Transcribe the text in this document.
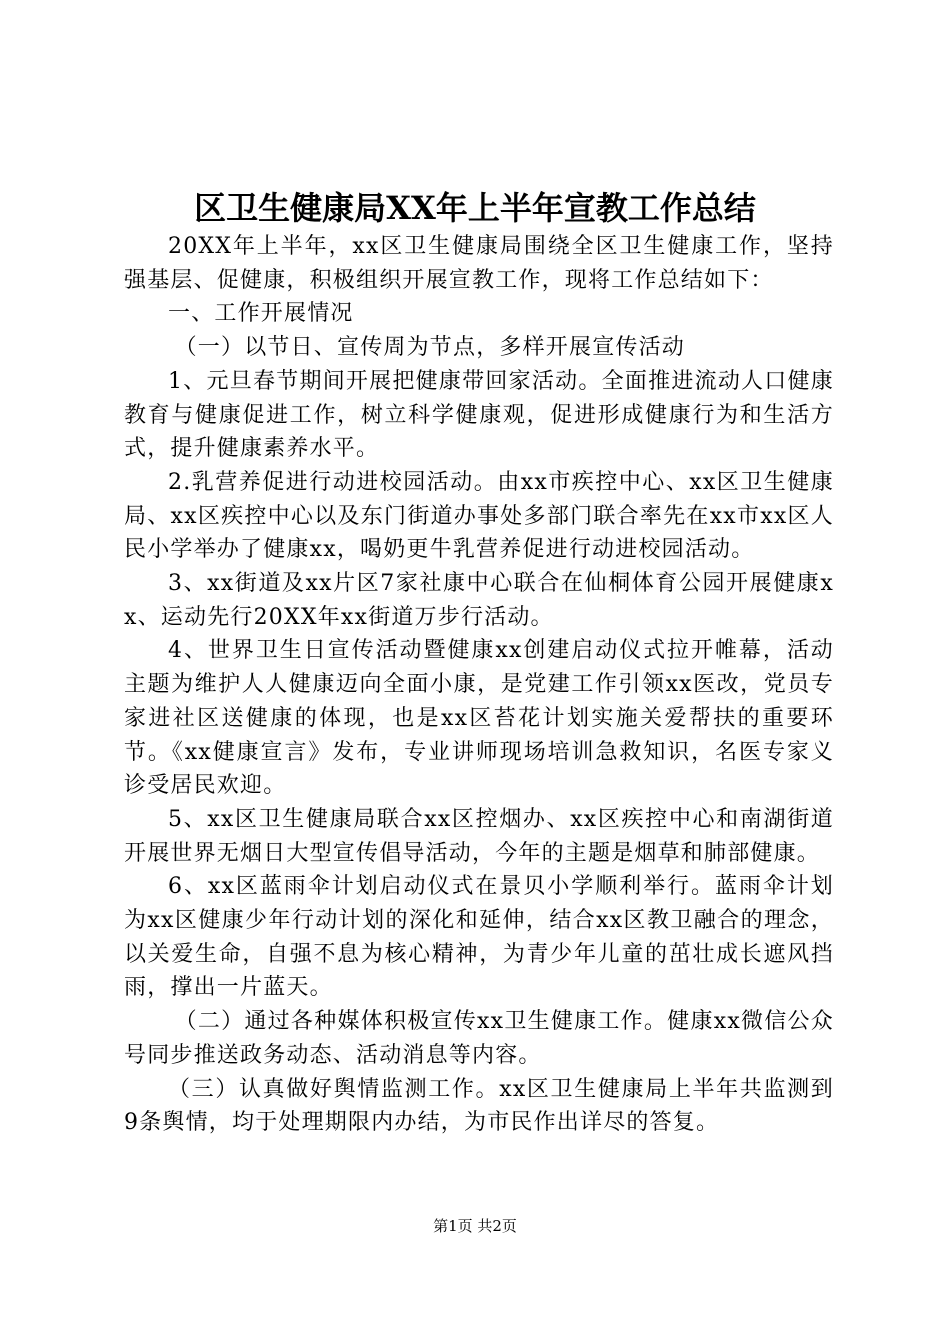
区卫生健康局XX年上半年宣教工作总结

20XX年上半年，xx区卫生健康局围绕全区卫生健康工作，坚持强基层、促健康，积极组织开展宣教工作，现将工作总结如下：

一、工作开展情况

（一）以节日、宣传周为节点，多样开展宣传活动

1、元旦春节期间开展把健康带回家活动。全面推进流动人口健康教育与健康促进工作，树立科学健康观，促进形成健康行为和生活方式，提升健康素养水平。

2.乳营养促进行动进校园活动。由xx市疾控中心、xx区卫生健康局、xx区疾控中心以及东门街道办事处多部门联合率先在xx市xx区人民小学举办了健康xx，喝奶更牛乳营养促进行动进校园活动。

3、xx街道及xx片区7家社康中心联合在仙桐体育公园开展健康xx、运动先行20XX年xx街道万步行活动。

4、世界卫生日宣传活动暨健康xx创建启动仪式拉开帷幕，活动主题为维护人人健康迈向全面小康，是党建工作引领xx医改，党员专家进社区送健康的体现，也是xx区苔花计划实施关爱帮扶的重要环节。《xx健康宣言》发布，专业讲师现场培训急救知识，名医专家义诊受居民欢迎。

5、xx区卫生健康局联合xx区控烟办、xx区疾控中心和南湖街道开展世界无烟日大型宣传倡导活动，今年的主题是烟草和肺部健康。

6、xx区蓝雨伞计划启动仪式在景贝小学顺利举行。蓝雨伞计划为xx区健康少年行动计划的深化和延伸，结合xx区教卫融合的理念，以关爱生命，自强不息为核心精神，为青少年儿童的茁壮成长遮风挡雨，撑出一片蓝天。

（二）通过各种媒体积极宣传xx卫生健康工作。健康xx微信公众号同步推送政务动态、活动消息等内容。

（三）认真做好舆情监测工作。xx区卫生健康局上半年共监测到9条舆情，均于处理期限内办结，为市民作出详尽的答复。

第1页 共2页
